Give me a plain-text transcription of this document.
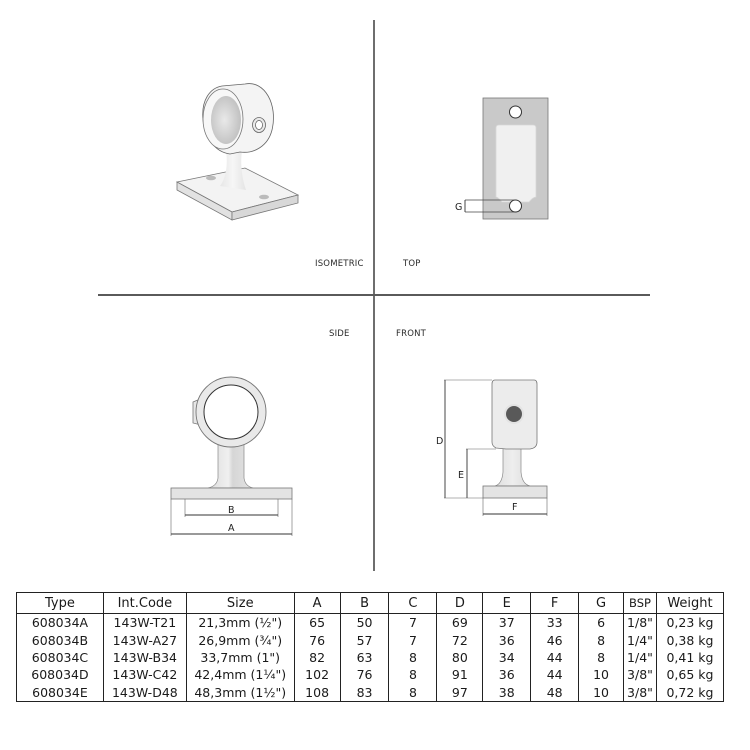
ISOMETRIC	TOP
SIDE	FRONT
G
B
A
D
E
F
Type	Int.Code	Size	A	B	C	D	E	F	G	BSP	Weight
608034A	143W-T21	21,3mm (½")	65	50	7	69	37	33	6	1/8"	0,23 kg
608034B	143W-A27	26,9mm (¾")	76	57	7	72	36	46	8	1/4"	0,38 kg
608034C	143W-B34	33,7mm (1")	82	63	8	80	34	44	8	1/4"	0,41 kg
608034D	143W-C42	42,4mm (1¼")	102	76	8	91	36	44	10	3/8"	0,65 kg
608034E	143W-D48	48,3mm (1½")	108	83	8	97	38	48	10	3/8"	0,72 kg
